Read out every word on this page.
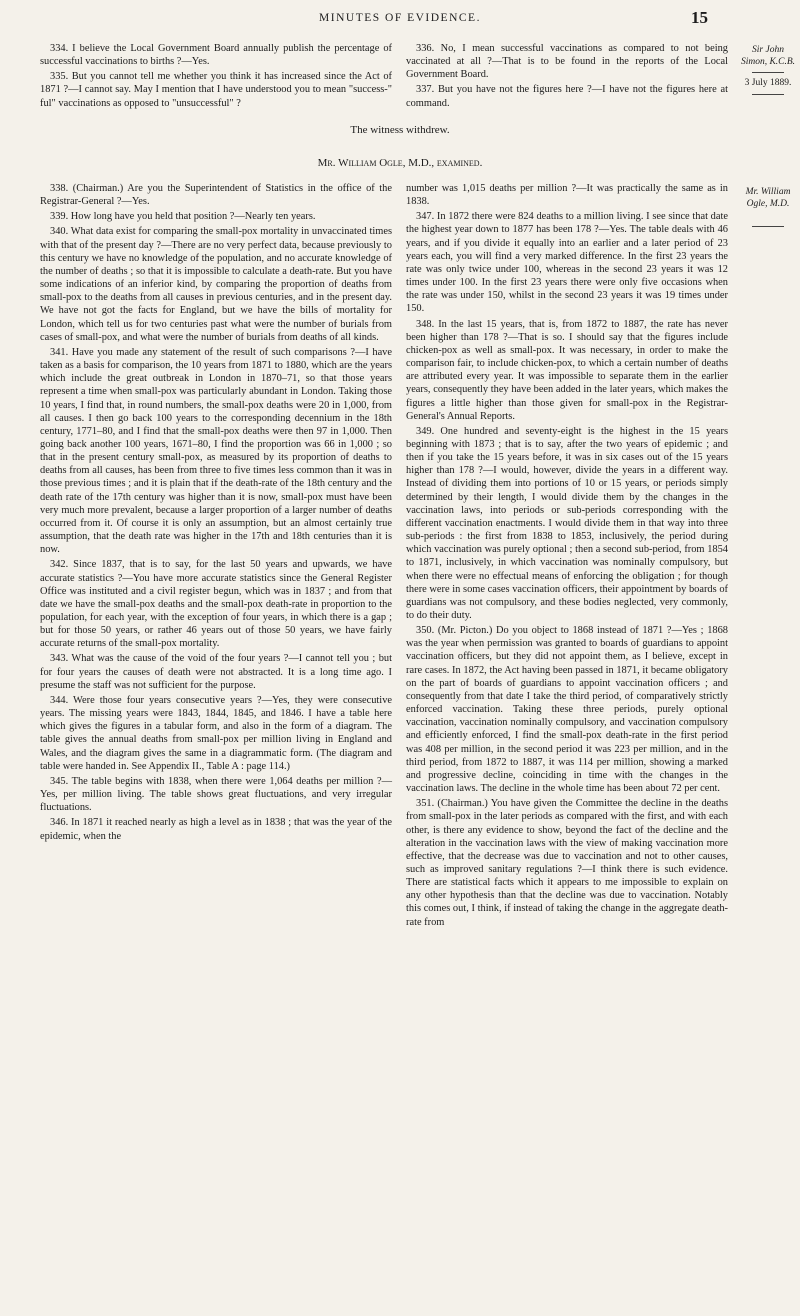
MINUTES OF EVIDENCE.	15

334. I believe the Local Government Board annually publish the percentage of successful vaccinations to births ?—Yes.

335. But you cannot tell me whether you think it has increased since the Act of 1871 ?—I cannot say. May I mention that I have understood you to mean "success-" ful" vaccinations as opposed to "unsuccessful" ?

336. No, I mean successful vaccinations as compared to not being vaccinated at all ?—That is to be found in the reports of the Local Government Board.

337. But you have not the figures here ?—I have not the figures here at command.

Sir John Simon, K.C.B.
3 July 1889.
The witness withdrew.
Mr. William Ogle, M.D., examined.
Mr. William Ogle, M.D.

338. (Chairman.) Are you the Superintendent of Statistics in the office of the Registrar-General ?—Yes.

339. How long have you held that position ?—Nearly ten years.

340. What data exist for comparing the small-pox mortality in unvaccinated times with that of the present day ?—There are no very perfect data, because previously to this century we have no knowledge of the population, and no accurate knowledge of the number of deaths ; so that it is impossible to calculate a death-rate. But you have some indications of an inferior kind, by comparing the proportion of deaths from small-pox to the deaths from all causes in previous centuries, and in the present day. We have not got the facts for England, but we have the bills of mortality for London, which tell us for two centuries past what were the number of burials from cases of small-pox, and what were the number of burials from deaths of all kinds.

341. Have you made any statement of the result of such comparisons ?—I have taken as a basis for comparison, the 10 years from 1871 to 1880, which are the years which include the great outbreak in London in 1870–71, so that those years represent a time when small-pox was particularly abundant in London. Taking those 10 years, I find that, in round numbers, the small-pox deaths were 20 in 1,000, from all causes. I then go back 100 years to the corresponding decennium in the 18th century, 1771–80, and I find that the small-pox deaths were then 97 in 1,000. Then going back another 100 years, 1671–80, I find the proportion was 66 in 1,000 ; so that in the present century small-pox, as measured by its proportion of deaths to deaths from all causes, has been from three to five times less common than it was in those previous times ; and it is plain that if the death-rate of the 18th century and the death rate of the 17th century was higher than it is now, small-pox must have been very much more prevalent, because a larger proportion of a larger number of deaths occurred from it. Of course it is only an assumption, but an almost certainly true assumption, that the death rate was higher in the 17th and 18th centuries than it is now.

342. Since 1837, that is to say, for the last 50 years and upwards, we have accurate statistics ?—You have more accurate statistics since the General Register Office was instituted and a civil register begun, which was in 1837 ; and from that date we have the small-pox deaths and the small-pox death-rate in proportion to the population, for each year, with the exception of four years, in which there is a gap ; but for those 50 years, or rather 46 years out of those 50 years, we have fairly accurate returns of the small-pox mortality.

343. What was the cause of the void of the four years ?—I cannot tell you ; but for four years the causes of death were not abstracted. It is a long time ago. I presume the staff was not sufficient for the purpose.

344. Were those four years consecutive years ?—Yes, they were consecutive years. The missing years were 1843, 1844, 1845, and 1846. I have a table here which gives the figures in a tabular form, and also in the form of a diagram. The table gives the annual deaths from small-pox per million living in England and Wales, and the diagram gives the same in a diagrammatic form. (The diagram and table were handed in. See Appendix II., Table A : page 114.)

345. The table begins with 1838, when there were 1,064 deaths per million ?—Yes, per million living. The table shows great fluctuations, and very irregular fluctuations.

346. In 1871 it reached nearly as high a level as in 1838 ; that was the year of the epidemic, when the

number was 1,015 deaths per million ?—It was practically the same as in 1838.

347. In 1872 there were 824 deaths to a million living. I see since that date the highest year down to 1877 has been 178 ?—Yes. The table deals with 46 years, and if you divide it equally into an earlier and a later period of 23 years each, you will find a very marked difference. In the first 23 years the rate was only twice under 100, whereas in the second 23 years it was 12 times under 100. In the first 23 years there were only five occasions when the rate was under 150, whilst in the second 23 years it was 19 times under 150.

348. In the last 15 years, that is, from 1872 to 1887, the rate has never been higher than 178 ?—That is so. I should say that the figures include chicken-pox as well as small-pox. It was necessary, in order to make the comparison fair, to include chicken-pox, to which a certain number of deaths are attributed every year. It was impossible to separate them in the earlier years, consequently they have been added in the later years, which makes the figures a little higher than those given for small-pox in the Registrar-General's Annual Reports.

349. One hundred and seventy-eight is the highest in the 15 years beginning with 1873 ; that is to say, after the two years of epidemic ; and then if you take the 15 years before, it was in six cases out of the 15 years higher than 178 ?—I would, however, divide the years in a different way. Instead of dividing them into portions of 10 or 15 years, or periods simply determined by their length, I would divide them by the changes in the vaccination laws, into periods or sub-periods corresponding with the different vaccination enactments. I would divide them in that way into three sub-periods : the first from 1838 to 1853, inclusively, the period during which vaccination was purely optional ; then a second sub-period, from 1854 to 1871, inclusively, in which vaccination was nominally compulsory, but when there were no effectual means of enforcing the obligation ; for though there were in some cases vaccination officers, their appointment by boards of guardians was not compulsory, and these bodies neglected, very commonly, to do their duty.

350. (Mr. Picton.) Do you object to 1868 instead of 1871 ?—Yes ; 1868 was the year when permission was granted to boards of guardians to appoint vaccination officers, but they did not appoint them, as I believe, except in rare cases. In 1872, the Act having been passed in 1871, it became obligatory on the part of boards of guardians to appoint vaccination officers ; and consequently from that date I take the third period, of comparatively strictly enforced vaccination. Taking these three periods, purely optional vaccination, vaccination nominally compulsory, and vaccination compulsory and efficiently enforced, I find the small-pox death-rate in the first period was 408 per million, in the second period it was 223 per million, and in the third period, from 1872 to 1887, it was 114 per million, showing a marked and progressive decline, coinciding in time with the changes in the vaccination laws. The decline in the whole time has been about 72 per cent.

351. (Chairman.) You have given the Committee the decline in the deaths from small-pox in the later periods as compared with the first, and with each other, is there any evidence to show, beyond the fact of the decline and the alteration in the vaccination laws with the view of making vaccination more effective, that the decrease was due to vaccination and not to other causes, such as improved sanitary regulations ?—I think there is such evidence. There are statistical facts which it appears to me impossible to explain on any other hypothesis than that the decline was due to vaccination. Notably this comes out, I think, if instead of taking the change in the aggregate death-rate from
